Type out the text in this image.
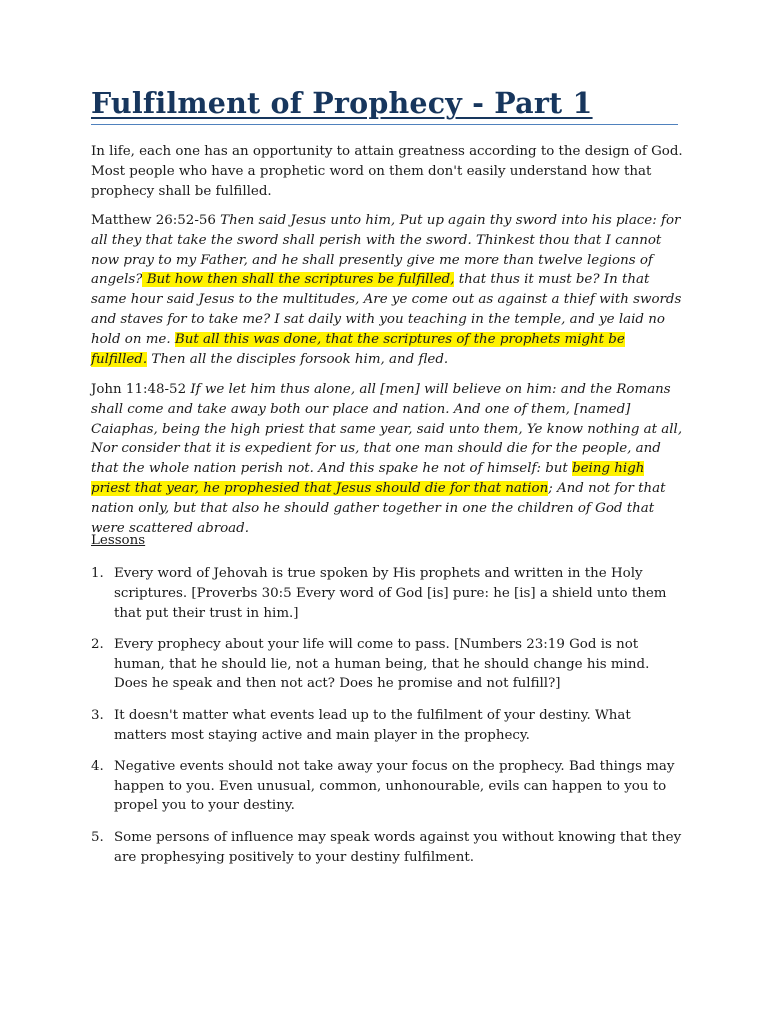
Fulfilment of Prophecy - Part 1

In life, each one has an opportunity to attain greatness according to the design of God. Most people who have a prophetic word on them don't easily understand how that prophecy shall be fulfilled.

Matthew 26:52-56 Then said Jesus unto him, Put up again thy sword into his place: for all they that take the sword shall perish with the sword. Thinkest thou that I cannot now pray to my Father, and he shall presently give me more than twelve legions of angels? But how then shall the scriptures be fulfilled, that thus it must be? In that same hour said Jesus to the multitudes, Are ye come out as against a thief with swords and staves for to take me? I sat daily with you teaching in the temple, and ye laid no hold on me. But all this was done, that the scriptures of the prophets might be fulfilled. Then all the disciples forsook him, and fled.

John 11:48-52 If we let him thus alone, all [men] will believe on him: and the Romans shall come and take away both our place and nation. And one of them, [named] Caiaphas, being the high priest that same year, said unto them, Ye know nothing at all, Nor consider that it is expedient for us, that one man should die for the people, and that the whole nation perish not. And this spake he not of himself: but being high priest that year, he prophesied that Jesus should die for that nation; And not for that nation only, but that also he should gather together in one the children of God that were scattered abroad.

Lessons

1. Every word of Jehovah is true spoken by His prophets and written in the Holy scriptures. [Proverbs 30:5 Every word of God [is] pure: he [is] a shield unto them that put their trust in him.]
2. Every prophecy about your life will come to pass. [Numbers 23:19 God is not human, that he should lie, not a human being, that he should change his mind. Does he speak and then not act? Does he promise and not fulfill?]
3. It doesn't matter what events lead up to the fulfilment of your destiny. What matters most staying active and main player in the prophecy.
4. Negative events should not take away your focus on the prophecy. Bad things may happen to you. Even unusual, common, unhonourable, evils can happen to you to propel you to your destiny.
5. Some persons of influence may speak words against you without knowing that they are prophesying positively to your destiny fulfilment.
